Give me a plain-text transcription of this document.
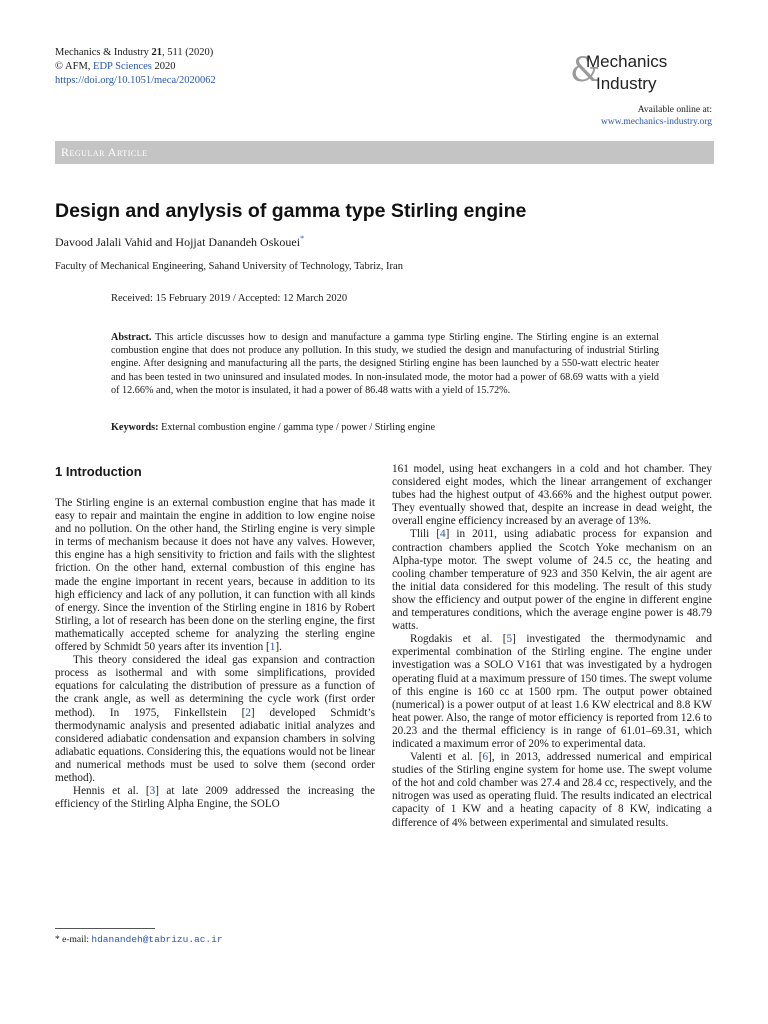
Mechanics & Industry 21, 511 (2020)
© AFM, EDP Sciences 2020
https://doi.org/10.1051/meca/2020062	&
Mechanics
Industry
Available online at:
www.mechanics-industry.org
Regular Article
Design and anylysis of gamma type Stirling engine
Davood Jalali Vahid and Hojjat Danandeh Oskouei*
Faculty of Mechanical Engineering, Sahand University of Technology, Tabriz, Iran
Received: 15 February 2019 / Accepted: 12 March 2020

Abstract. This article discusses how to design and manufacture a gamma type Stirling engine. The Stirling engine is an external combustion engine that does not produce any pollution. In this study, we studied the design and manufacturing of industrial Stirling engine. After designing and manufacturing all the parts, the designed Stirling engine has been launched by a 550-watt electric heater and has been tested in two uninsured and insulated modes. In non-insulated mode, the motor had a power of 68.69 watts with a yield of 12.66% and, when the motor is insulated, it had a power of 86.48 watts with a yield of 15.72%.

Keywords: External combustion engine / gamma type / power / Stirling engine
1 Introduction

The Stirling engine is an external combustion engine that has made it easy to repair and maintain the engine in addition to low engine noise and no pollution. On the other hand, the Stirling engine is very simple in terms of mechanism because it does not have any valves. However, this engine has a high sensitivity to friction and fails with the slightest friction. On the other hand, external combustion of this engine has made the engine important in recent years, because in addition to its high efficiency and lack of any pollution, it can function with all kinds of energy. Since the invention of the Stirling engine in 1816 by Robert Stirling, a lot of research has been done on the sterling engine, the first mathematically accepted scheme for analyzing the sterling engine offered by Schmidt 50 years after its invention [1].

This theory considered the ideal gas expansion and contraction process as isothermal and with some simplifications, provided equations for calculating the distribution of pressure as a function of the crank angle, as well as determining the cycle work (first order method). In 1975, Finkellstein [2] developed Schmidt’s thermodynamic analysis and presented adiabatic initial analyzes and considered adiabatic condensation and expansion chambers in solving adiabatic equations. Considering this, the equations would not be linear and numerical methods must be used to solve them (second order method).

Hennis et al. [3] at late 2009 addressed the increasing the efficiency of the Stirling Alpha Engine, the SOLO

161 model, using heat exchangers in a cold and hot chamber. They considered eight modes, which the linear arrangement of exchanger tubes had the highest output of 43.66% and the highest output power. They eventually showed that, despite an increase in dead weight, the overall engine efficiency increased by an average of 13%.

Tlili [4] in 2011, using adiabatic process for expansion and contraction chambers applied the Scotch Yoke mechanism on an Alpha-type motor. The swept volume of 24.5 cc, the heating and cooling chamber temperature of 923 and 350 Kelvin, the air agent are the initial data considered for this modeling. The result of this study show the efficiency and output power of the engine in different engine and temperatures conditions, which the average engine power is 48.79 watts.

Rogdakis et al. [5] investigated the thermodynamic and experimental combination of the Stirling engine. The engine under investigation was a SOLO V161 that was investigated by a hydrogen operating fluid at a maximum pressure of 150 times. The swept volume of this engine is 160 cc at 1500 rpm. The output power obtained (numerical) is a power output of at least 1.6 KW electrical and 8.8 KW heat power. Also, the range of motor efficiency is reported from 12.6 to 20.23 and the thermal efficiency is in range of 61.01–69.31, which indicated a maximum error of 20% to experimental data.

Valenti et al. [6], in 2013, addressed numerical and empirical studies of the Stirling engine system for home use. The swept volume of the hot and cold chamber was 27.4 and 28.4 cc, respectively, and the nitrogen was used as operating fluid. The results indicated an electrical capacity of 1 KW and a heating capacity of 8 KW, indicating a difference of 4% between experimental and simulated results.

* e-mail: hdanandeh@tabrizu.ac.ir
